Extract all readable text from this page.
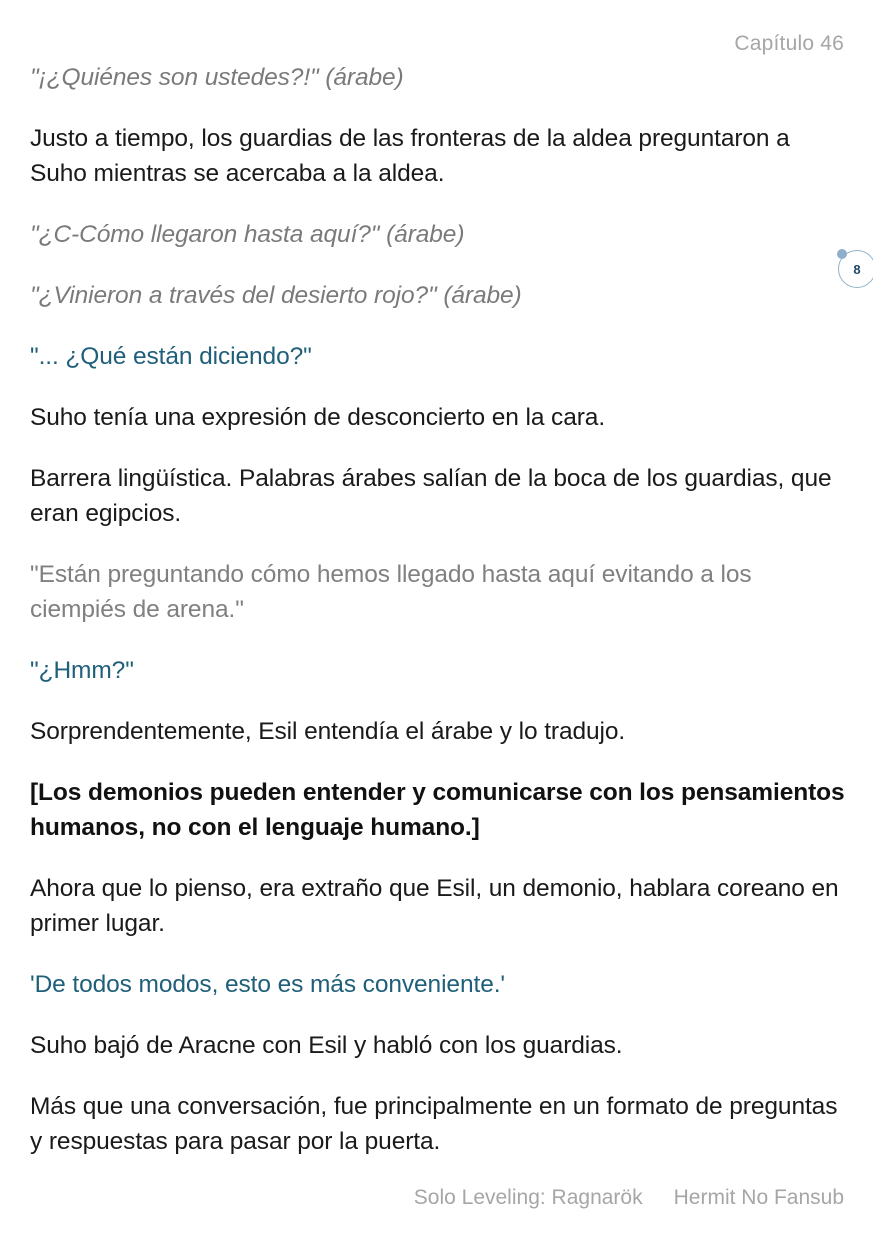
Capítulo 46
8

"¡¿Quiénes son ustedes?!" (árabe)

Justo a tiempo, los guardias de las fronteras de la aldea preguntaron a Suho mientras se acercaba a la aldea.

"¿C-Cómo llegaron hasta aquí?" (árabe)

"¿Vinieron a través del desierto rojo?" (árabe)

"... ¿Qué están diciendo?"

Suho tenía una expresión de desconcierto en la cara.

Barrera lingüística. Palabras árabes salían de la boca de los guardias, que eran egipcios.

"Están preguntando cómo hemos llegado hasta aquí evitando a los ciempiés de arena."

"¿Hmm?"

Sorprendentemente, Esil entendía el árabe y lo tradujo.

[Los demonios pueden entender y comunicarse con los pensamientos humanos, no con el lenguaje humano.]

Ahora que lo pienso, era extraño que Esil, un demonio, hablara coreano en primer lugar.

'De todos modos, esto es más conveniente.'

Suho bajó de Aracne con Esil y habló con los guardias.

Más que una conversación, fue principalmente en un formato de preguntas y respuestas para pasar por la puerta.

Solo Leveling: Ragnarök Hermit No Fansub
